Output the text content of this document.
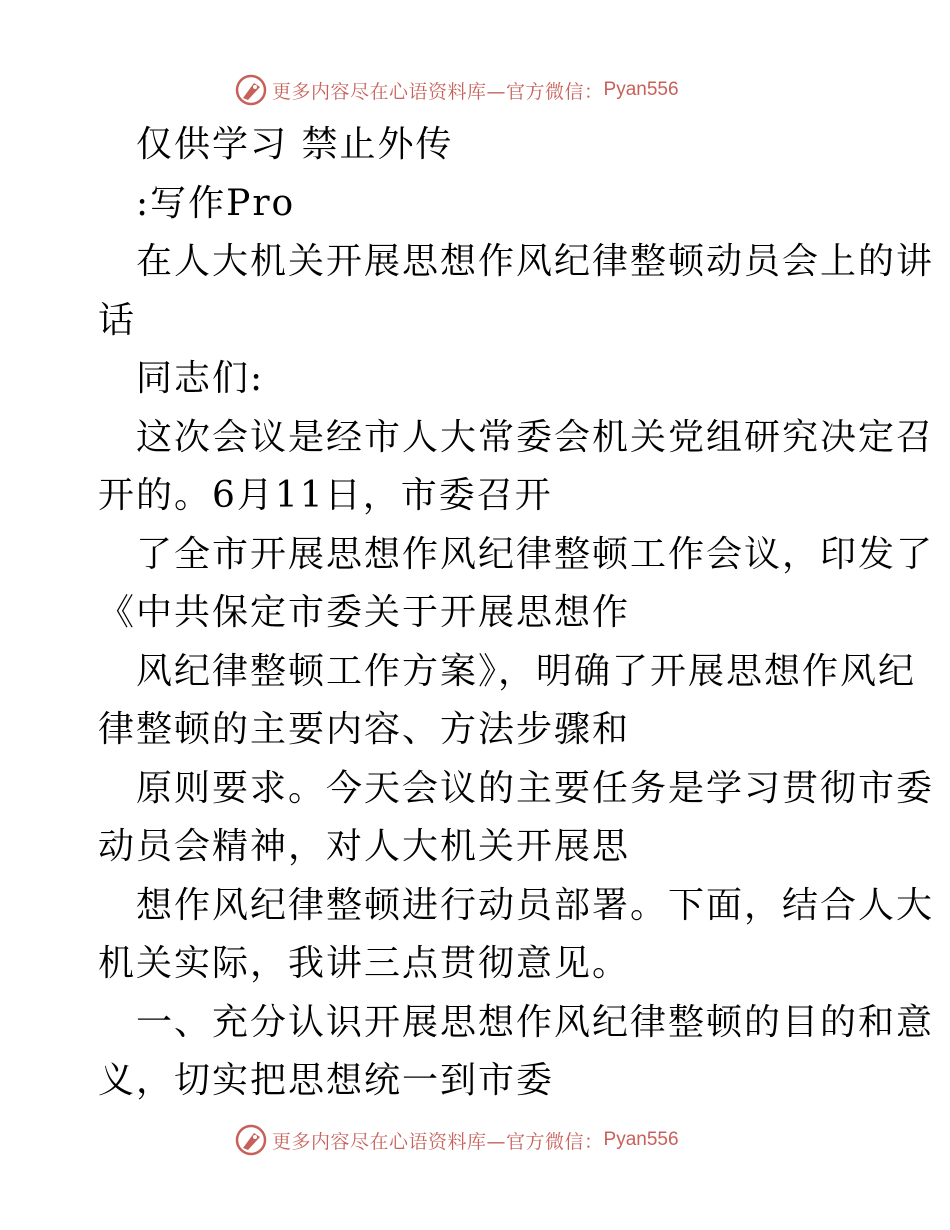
更多内容尽在心语资料库—官方微信： Pyan556
仅供学习 禁止外传
:写作Pro
在人大机关开展思想作风纪律整顿动员会上的讲
话
同志们:
这次会议是经市人大常委会机关党组研究决定召
开的。6月11日，市委召开
了全市开展思想作风纪律整顿工作会议，印发了
《中共保定市委关于开展思想作
风纪律整顿工作方案》，明确了开展思想作风纪
律整顿的主要内容、方法步骤和
原则要求。今天会议的主要任务是学习贯彻市委
动员会精神，对人大机关开展思
想作风纪律整顿进行动员部署。下面，结合人大
机关实际，我讲三点贯彻意见。
一、充分认识开展思想作风纪律整顿的目的和意
义，切实把思想统一到市委
更多内容尽在心语资料库—官方微信： Pyan556
